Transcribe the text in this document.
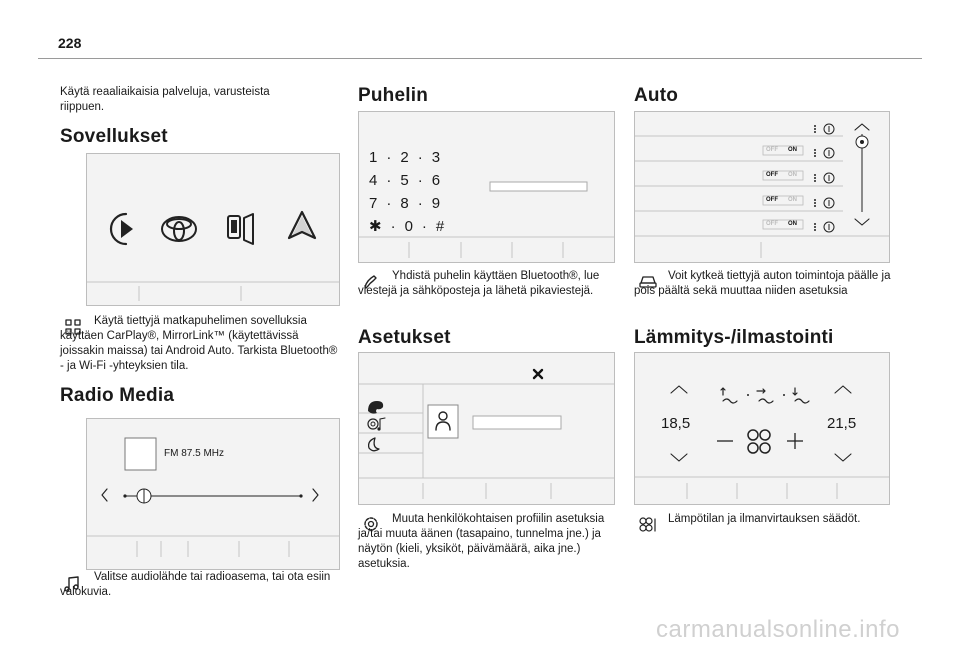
228
Käytä reaaliaikaisia palveluja, varusteista riippuen.
Sovellukset
Käytä tiettyjä matkapuhelimen sovelluksia käyttäen CarPlay®, MirrorLink™ (käytettävissä joissakin maissa) tai Android Auto. Tarkista Bluetooth® - ja Wi-Fi -yhteyksien tila.
Radio Media
FM 87.5 MHz
Valitse audiolähde tai radioasema, tai ota esiin valokuvia.
Puhelin
1 · 2 · 3
4 · 5 · 6
7 · 8 · 9
✱ · 0 · #
Yhdistä puhelin käyttäen Bluetooth®, lue viestejä ja sähköposteja ja lähetä pikaviestejä.
Asetukset
Muuta henkilökohtaisen profiilin asetuksia ja/tai muuta äänen (tasapaino, tunnelma jne.) ja näytön (kieli, yksiköt, päivämäärä, aika jne.) asetuksia.
Auto
OFF ON
OFF ON
OFF ON
OFF ON
Voit kytkeä tiettyjä auton toimintoja päälle ja pois päältä sekä muuttaa niiden asetuksia
Lämmitys-/ilmastointi
18,5	21,5
Lämpötilan ja ilmanvirtauksen säädöt.
carmanualsonline.info
